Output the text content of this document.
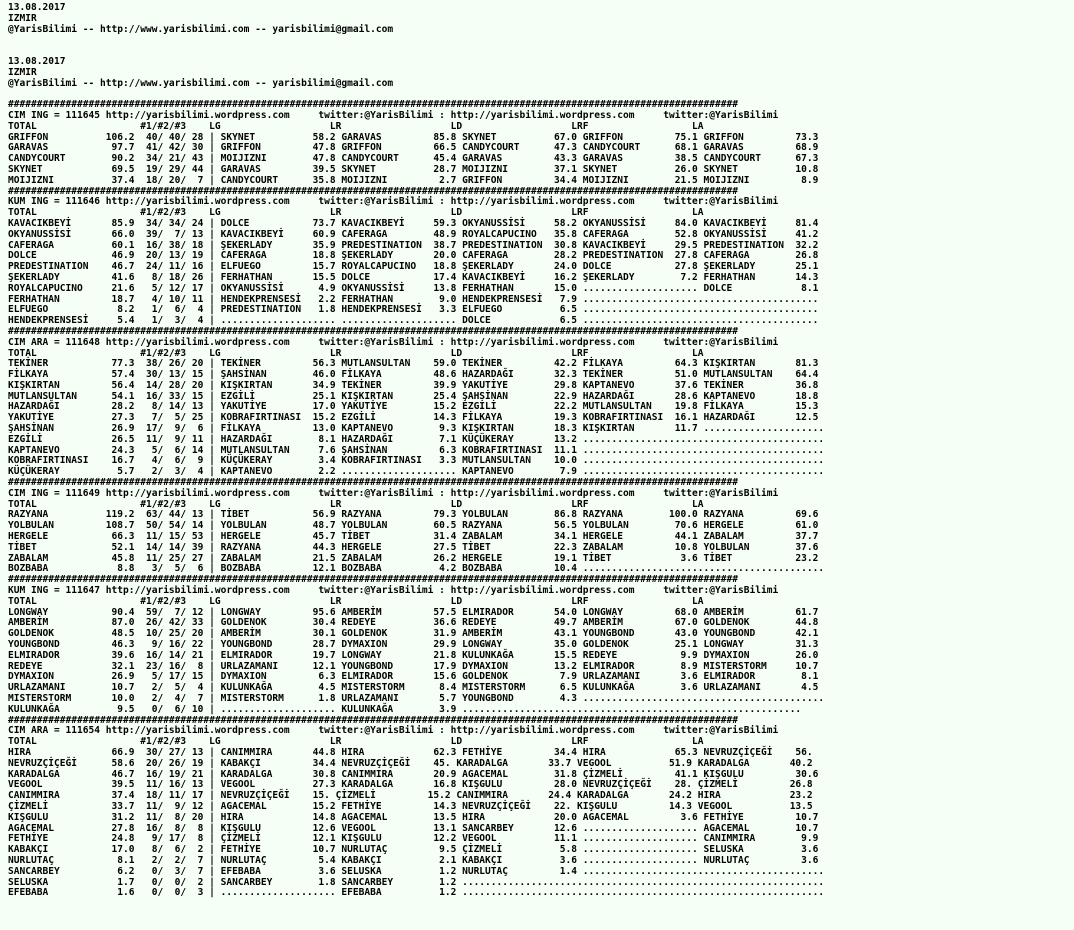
13.08.2017
IZMIR
@YarisBilimi -- http://www.yarisbilimi.com -- yarisbilimi@gmail.com

13.08.2017
IZMIR
@YarisBilimi -- http://www.yarisbilimi.com -- yarisbilimi@gmail.com

###############################################################################################################################
CIM ING = 111645 http://yarisbilimi.wordpress.com     twitter:@YarisBilimi : http://yarisbilimi.wordpress.com     twitter:@YarisBilimi
TOTAL                  #1/#2/#3    LG                   LR                   LD                   LRF                  LA
GRIFFON          106.2  40/ 40/ 28 | SKYNET          58.2 GARAVAS         85.8 SKYNET          67.0 GRIFFON         75.1 GRIFFON         73.3
GARAVAS           97.7  41/ 42/ 30 | GRIFFON         47.8 GRIFFON         66.5 CANDYCOURT      47.3 CANDYCOURT      68.1 GARAVAS         68.9
CANDYCOURT        90.2  34/ 21/ 43 | MOIJIZNI        47.8 CANDYCOURT      45.4 GARAVAS         43.3 GARAVAS         38.5 CANDYCOURT      67.3
SKYNET            69.5  19/ 29/ 44 | GARAVAS         39.5 SKYNET          28.7 MOIJIZNI        37.1 SKYNET          26.0 SKYNET          10.8
MOIJIZNI          37.4  18/ 20/  7 | CANDYCOURT      35.8 MOIJIZNI         2.7 GRIFFON         34.4 MOIJIZNI        21.5 MOIJIZNI         8.9
###############################################################################################################################
KUM ING = 111646 http://yarisbilimi.wordpress.com     twitter:@YarisBilimi : http://yarisbilimi.wordpress.com     twitter:@YarisBilimi
TOTAL                  #1/#2/#3    LG                   LR                   LD                   LRF                  LA
KAVACIKBEYİ       85.9  34/ 34/ 24 | DOLCE           73.7 KAVACIKBEYİ     59.3 OKYANUSSİSİ     58.2 OKYANUSSİSİ     84.0 KAVACIKBEYİ     81.4
OKYANUSSİSİ       66.0  39/  7/ 13 | KAVACIKBEYİ     60.9 CAFERAGA        48.9 ROYALCAPUCINO   35.8 CAFERAGA        52.8 OKYANUSSİSİ     41.2
CAFERAGA          60.1  16/ 38/ 18 | ŞEKERLADY       35.9 PREDESTINATION  38.7 PREDESTINATION  30.8 KAVACIKBEYİ     29.5 PREDESTINATION  32.2
DOLCE             46.9  20/ 13/ 19 | CAFERAGA        18.8 ŞEKERLADY       20.0 CAFERAGA        28.2 PREDESTINATION  27.8 CAFERAGA        26.8
PREDESTINATION    46.7  24/ 11/ 16 | ELFUEGO         15.7 ROYALCAPUCINO   18.8 ŞEKERLADY       24.0 DOLCE           27.8 ŞEKERLADY       25.1
ŞEKERLADY         41.6   8/ 18/ 26 | FERHATHAN       15.5 DOLCE           17.4 KAVACIKBEYİ     16.2 ŞEKERLADY        7.2 FERHATHAN       14.3
ROYALCAPUCINO     21.6   5/ 12/ 17 | OKYANUSSİSİ      4.9 OKYANUSSİSİ     13.8 FERHATHAN       15.0 .................... DOLCE            8.1
FERHATHAN         18.7   4/ 10/ 11 | HENDEKPRENSESİ   2.2 FERHATHAN        9.0 HENDEKPRENSESİ   7.9 .........................................
ELFUEGO            8.2   1/  6/  4 | PREDESTINATION   1.8 HENDEKPRENSESİ   3.3 ELFUEGO          6.5 .........................................
HENDEKPRENSESİ     5.4   1/  3/  4 | .................... .................... DOLCE            6.5 .........................................
###############################################################################################################################
CIM ARA = 111648 http://yarisbilimi.wordpress.com     twitter:@YarisBilimi : http://yarisbilimi.wordpress.com     twitter:@YarisBilimi
TOTAL                  #1/#2/#3    LG                   LR                   LD                   LRF                  LA
TEKİNER           77.3  38/ 26/ 20 | TEKİNER         56.3 MUTLANSULTAN    59.0 TEKİNER         42.2 FİLKAYA         64.3 KIŞKIRTAN       81.3
FİLKAYA           57.4  30/ 13/ 15 | ŞAHSİNAN        46.0 FİLKAYA         48.6 HAZARDAĞI       32.3 TEKİNER         51.0 MUTLANSULTAN    64.4
KIŞKIRTAN         56.4  14/ 28/ 20 | KIŞKIRTAN       34.9 TEKİNER         39.9 YAKUTİYE        29.8 KAPTANEVO       37.6 TEKİNER         36.8
MUTLANSULTAN      54.1  16/ 33/ 15 | EZGİLİ          25.1 KIŞKIRTAN       25.4 ŞAHSİNAN        22.9 HAZARDAĞI       28.6 KAPTANEVO       18.8
HAZARDAĞI         28.2   8/ 14/ 13 | YAKUTİYE        17.0 YAKUTİYE        15.2 EZGİLİ          22.2 MUTLANSULTAN    19.8 FİLKAYA         15.3
YAKUTİYE          27.3   7/  5/ 25 | KOBRAFIRTINASI  15.2 EZGİLİ          14.3 FİLKAYA         19.3 KOBRAFIRTINASI  16.1 HAZARDAĞI       12.5
ŞAHSİNAN          26.9  17/  9/  6 | FİLKAYA         13.0 KAPTANEVO        9.3 KIŞKIRTAN       18.3 KIŞKIRTAN       11.7 .....................
EZGİLİ            26.5  11/  9/ 11 | HAZARDAĞI        8.1 HAZARDAĞI        7.1 KÜÇÜKERAY       13.2 ..........................................
KAPTANEVO         24.3   5/  6/ 14 | MUTLANSULTAN     7.6 ŞAHSİNAN         6.3 KOBRAFIRTINASI  11.1 ..........................................
KOBRAFIRTINASI    16.7   4/  6/  9 | KÜÇÜKERAY        3.4 KOBRAFIRTINASI   3.3 MUTLANSULTAN    10.0 ..........................................
KÜÇÜKERAY          5.7   2/  3/  4 | KAPTANEVO        2.2 .................... KAPTANEVO        7.9 ..........................................
###############################################################################################################################
CIM ING = 111649 http://yarisbilimi.wordpress.com     twitter:@YarisBilimi : http://yarisbilimi.wordpress.com     twitter:@YarisBilimi
TOTAL                  #1/#2/#3    LG                   LR                   LD                   LRF                  LA
RAZYANA          119.2  63/ 44/ 13 | TİBET           56.9 RAZYANA         79.3 YOLBULAN        86.8 RAZYANA        100.0 RAZYANA         69.6
YOLBULAN         108.7  50/ 54/ 14 | YOLBULAN        48.7 YOLBULAN        60.5 RAZYANA         56.5 YOLBULAN        70.6 HERGELE         61.0
HERGELE           66.3  11/ 15/ 53 | HERGELE         45.7 TİBET           31.4 ZABALAM         34.1 HERGELE         44.1 ZABALAM         37.7
TİBET             52.1  14/ 14/ 39 | RAZYANA         44.3 HERGELE         27.5 TİBET           22.3 ZABALAM         10.8 YOLBULAN        37.6
ZABALAM           45.8  11/ 25/ 27 | ZABALAM         21.5 ZABALAM         26.2 HERGELE         19.1 TİBET            3.6 TİBET           23.2
BOZBABA            8.8   3/  5/  6 | BOZBABA         12.1 BOZBABA          4.2 BOZBABA         10.4 ..........................................
###############################################################################################################################
KUM ING = 111647 http://yarisbilimi.wordpress.com     twitter:@YarisBilimi : http://yarisbilimi.wordpress.com     twitter:@YarisBilimi
TOTAL                  #1/#2/#3    LG                   LR                   LD                   LRF                  LA
LONGWAY           90.4  59/  7/ 12 | LONGWAY         95.6 AMBERİM         57.5 ELMIRADOR       54.0 LONGWAY         68.0 AMBERİM         61.7
AMBERİM           87.0  26/ 42/ 33 | GOLDENOK        30.4 REDEYE          36.6 REDEYE          49.7 AMBERİM         67.0 GOLDENOK        44.8
GOLDENOK          48.5  10/ 25/ 20 | AMBERİM         30.1 GOLDENOK        31.9 AMBERİM         43.1 YOUNGBOND       43.0 YOUNGBOND       42.1
YOUNGBOND         46.3   9/ 16/ 22 | YOUNGBOND       28.7 DYMAXION        29.9 LONGWAY         35.0 GOLDENOK        25.1 LONGWAY         31.3
ELMIRADOR         39.6  16/ 14/ 21 | ELMIRADOR       19.7 LONGWAY         21.8 KULUNKAĞA       15.5 REDEYE           9.9 DYMAXION        26.0
REDEYE            32.1  23/ 16/  8 | URLAZAMANI      12.1 YOUNGBOND       17.9 DYMAXION        13.2 ELMIRADOR        8.9 MISTERSTORM     10.7
DYMAXION          26.9   5/ 17/ 15 | DYMAXION         6.3 ELMIRADOR       15.6 GOLDENOK         7.9 URLAZAMANI       3.6 ELMIRADOR        8.1
URLAZAMANI        10.7   2/  5/  4 | KULUNKAĞA        4.5 MISTERSTORM      8.4 MISTERSTORM      6.5 KULUNKAĞA        3.6 URLAZAMANI       4.5
MISTERSTORM       10.0   2/  4/  7 | MISTERSTORM      1.8 URLAZAMANI       5.7 YOUNGBOND        4.3 ..........................................
KULUNKAĞA          9.5   0/  6/ 10 | .................... KULUNKAĞA        3.9 ...........................................................
###############################################################################################################################
CIM ARA = 111654 http://yarisbilimi.wordpress.com     twitter:@YarisBilimi : http://yarisbilimi.wordpress.com     twitter:@YarisBilimi
TOTAL                  #1/#2/#3    LG                   LR                   LD                   LRF                  LA
HIRA              66.9  30/ 27/ 13 | CANIMMIRA       44.8 HIRA            62.3 FETHİYE         34.4 HIRA            65.3 NEVRUZÇİÇEĞİ    56.
NEVRUZÇİÇEĞİ      58.6  20/ 26/ 19 | KABAKÇI         34.4 NEVRUZÇİÇEĞİ    45. KARADALGA       33.7 VEGOOL          51.9 KARADALGA       40.2
KARADALGA         46.7  16/ 19/ 21 | KARADALGA       30.8 CANIMMIRA       20.9 AGACEMAL        31.8 ÇİZMELİ         41.1 KIŞGULU         30.6
VEGOOL            39.5  11/ 16/ 13 | VEGOOL          27.3 KARADALGA       16.8 KIŞGULU         28.0 NEVRUZÇİÇEĞİ    28. ÇİZMELİ         26.8
CANIMMIRA         37.4  18/ 11/ 17 | NEVRUZÇİÇEĞİ    15. ÇİZMELİ         15.2 CANIMMIRA       24.4 KARADALGA       24.2 HIRA            23.2
ÇİZMELİ           33.7  11/  9/ 12 | AGACEMAL        15.2 FETHİYE         14.3 NEVRUZÇİÇEĞİ    22. KIŞGULU         14.3 VEGOOL          13.5
KIŞGULU           31.2  11/  8/ 20 | HIRA            14.8 AGACEMAL        13.5 HIRA            20.0 AGACEMAL         3.6 FETHİYE         10.7
AGACEMAL          27.8  16/  8/  8 | KIŞGULU         12.6 VEGOOL          13.1 SANCARBEY       12.6 .................... AGACEMAL        10.7
FETHİYE           24.8   9/ 17/  8 | ÇİZMELİ         12.1 KIŞGULU         12.2 VEGOOL          11.1 .................... CANIMMIRA        9.9
KABAKÇI           17.0   8/  6/  2 | FETHİYE         10.7 NURLUTAÇ         9.5 ÇİZMELİ          5.8 .................... SELUSKA          3.6
NURLUTAÇ           8.1   2/  2/  7 | NURLUTAÇ         5.4 KABAKÇI          2.1 KABAKÇI          3.6 .................... NURLUTAÇ         3.6
SANCARBEY          6.2   0/  3/  7 | EFEBABA          3.6 SELUSKA          1.2 NURLUTAÇ         1.4 ..........................................
SELUSKA            1.7   0/  0/  2 | SANCARBEY        1.8 SANCARBEY        1.2 ...............................................................
EFEBABA            1.6   0/  0/  3 | .................... EFEBABA          1.2 ...............................................................
